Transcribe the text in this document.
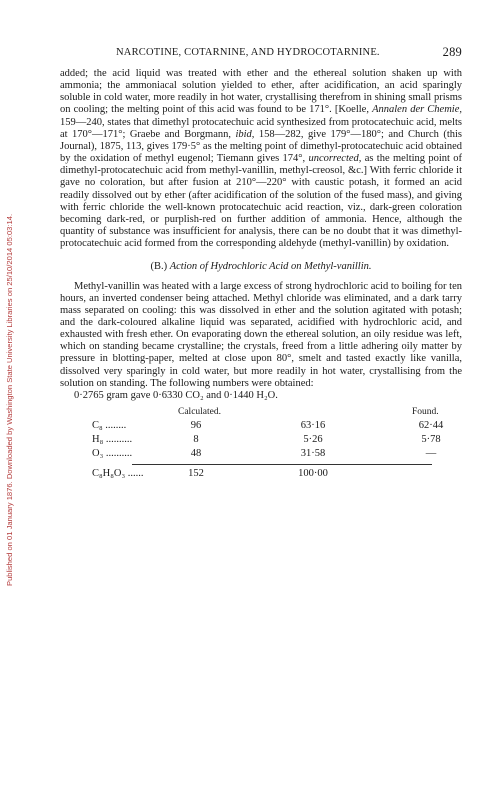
Published on 01 January 1876. Downloaded by Washington State University Libraries on 25/10/2014 05:03:14.
NARCOTINE, COTARNINE, AND HYDROCOTARNINE.	289

added; the acid liquid was treated with ether and the ethereal solution shaken up with ammonia; the ammoniacal solution yielded to ether, after acidification, an acid sparingly soluble in cold water, more readily in hot water, crystallising therefrom in shining small prisms on cooling; the melting point of this acid was found to be 171°. [Koelle, Annalen der Chemie, 159—240, states that dimethyl protocatechuic acid synthesized from protocatechuic acid, melts at 170°—171°; Graebe and Borgmann, ibid, 158—282, give 179°—180°; and Church (this Journal), 1875, 113, gives 179·5° as the melting point of dimethyl-protocatechuic acid obtained by the oxidation of methyl eugenol; Tiemann gives 174°, uncorrected, as the melting point of dimethyl-protocatechuic acid from methyl-vanillin, methyl-creosol, &c.] With ferric chloride it gave no coloration, but after fusion at 210°—220° with caustic potash, it formed an acid readily dissolved out by ether (after acidification of the solution of the fused mass), and giving with ferric chloride the well-known protocatechuic acid reaction, viz., dark-green coloration becoming dark-red, or purplish-red on further addition of ammonia. Hence, although the quantity of substance was insufficient for analysis, there can be no doubt that it was dimethyl-protocatechuic acid formed from the corresponding aldehyde (methyl-vanillin) by oxidation.

(B.) Action of Hydrochloric Acid on Methyl-vanillin.

Methyl-vanillin was heated with a large excess of strong hydrochloric acid to boiling for ten hours, an inverted condenser being attached. Methyl chloride was eliminated, and a dark tarry mass separated on cooling: this was dissolved in ether and the solution agitated with potash; and the dark-coloured alkaline liquid was separated, acidified with hydrochloric acid, and exhausted with fresh ether. On evaporating down the ethereal solution, an oily residue was left, which on standing became crystalline; the crystals, freed from a little adhering oily matter by pressure in blotting-paper, melted at close upon 80°, smelt and tasted exactly like vanilla, dissolved very sparingly in cold water, but more readily in hot water, crystallising from the solution on standing. The following numbers were obtained:

0·2765 gram gave 0·6330 CO₂ and 0·1440 H₂O.

Calculated.	Found.
C₈ ........	96	63·16	62·44
H₈ ..........	8	5·26	5·78
O₃ ..........	48	31·58	—
C₈H₈O₃ ......	152	100·00
